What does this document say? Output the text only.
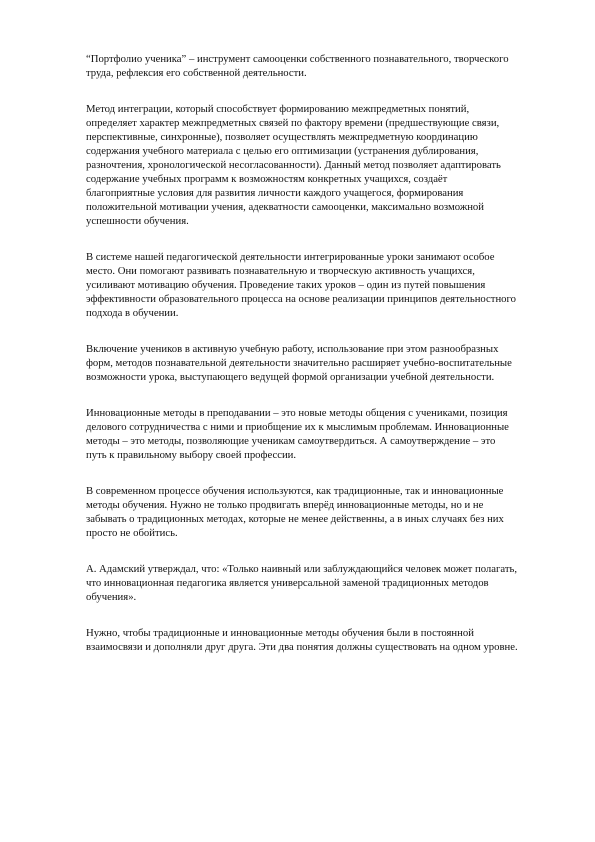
“Портфолио ученика” – инструмент самооценки собственного познавательного, творческого труда, рефлексия его собственной деятельности.

Метод интеграции, который способствует формированию межпредметных понятий, определяет характер межпредметных связей по фактору времени (предшествующие связи, перспективные, синхронные), позволяет осуществлять межпредметную координацию содержания учебного материала с целью его оптимизации (устранения дублирования, разночтения, хронологической несогласованности). Данный метод позволяет адаптировать содержание учебных программ к возможностям конкретных учащихся, создаёт благоприятные условия для развития личности каждого учащегося, формирования положительной мотивации учения, адекватности самооценки, максимально возможной успешности обучения.

В системе нашей педагогической деятельности интегрированные уроки занимают особое место. Они помогают развивать познавательную и творческую активность учащихся, усиливают мотивацию обучения. Проведение таких уроков – один из путей повышения эффективности образовательного процесса на основе реализации принципов деятельностного подхода в обучении.

Включение учеников в активную учебную работу, использование при этом разнообразных форм, методов познавательной деятельности значительно расширяет учебно-воспитательные возможности урока, выступающего ведущей формой организации учебной деятельности.

Инновационные методы в преподавании – это новые методы общения с учениками, позиция делового сотрудничества с ними и приобщение их к мыслимым проблемам. Инновационные методы – это методы, позволяющие ученикам самоутвердиться. А самоутверждение – это путь к правильному выбору своей профессии.

В современном процессе обучения используются, как традиционные, так и инновационные методы обучения. Нужно не только продвигать вперёд инновационные методы, но и не забывать о традиционных методах, которые не менее действенны, а в иных случаях без них просто не обойтись.

А. Адамский утверждал, что: «Только наивный или заблуждающийся человек может полагать, что инновационная педагогика является универсальной заменой традиционных методов обучения».

Нужно, чтобы традиционные и инновационные методы обучения были в постоянной взаимосвязи и дополняли друг друга. Эти два понятия должны существовать на одном уровне.
